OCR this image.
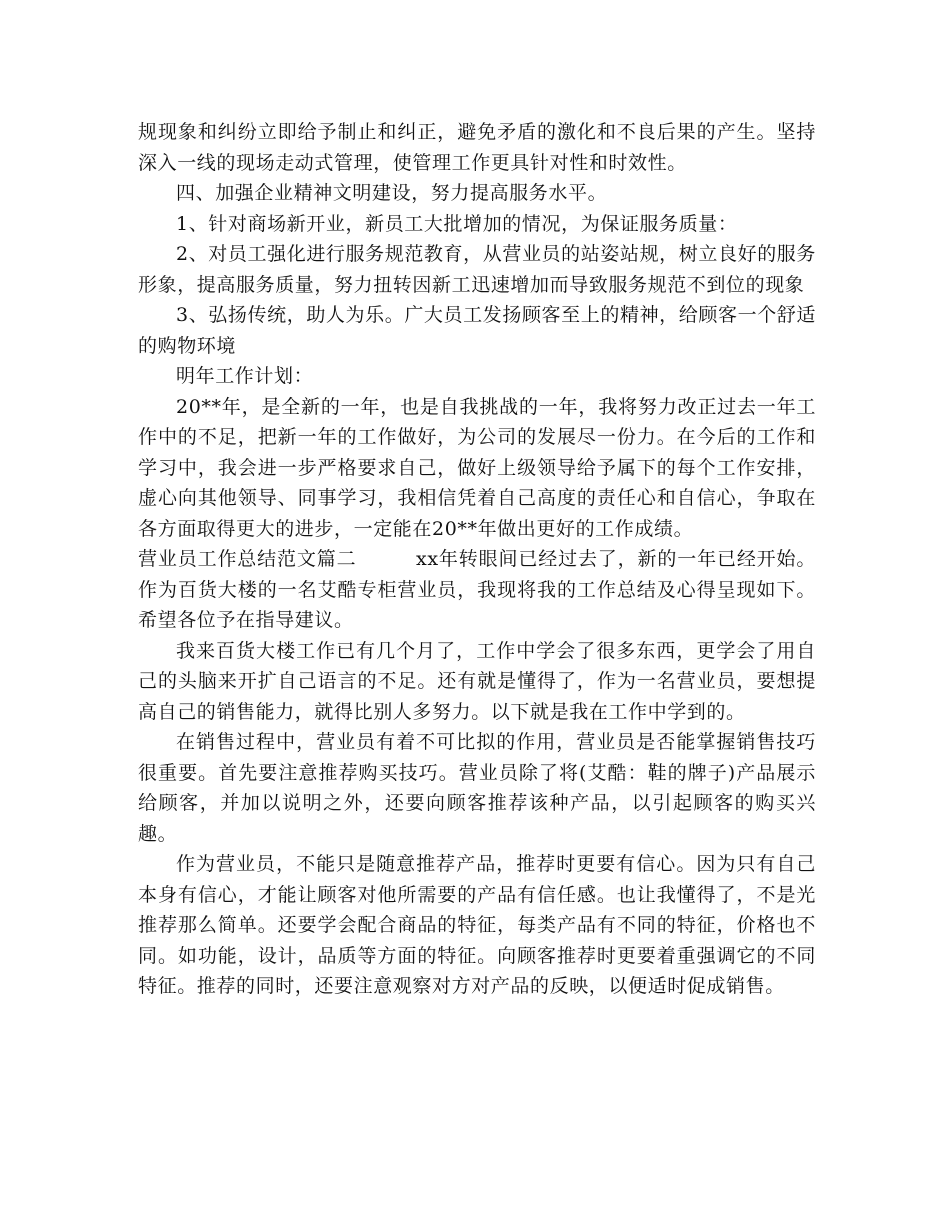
规现象和纠纷立即给予制止和纠正，避免矛盾的激化和不良后果的产生。坚持深入一线的现场走动式管理，使管理工作更具针对性和时效性。

四、加强企业精神文明建设，努力提高服务水平。

1、针对商场新开业，新员工大批增加的情况，为保证服务质量：

2、对员工强化进行服务规范教育，从营业员的站姿站规，树立良好的服务形象，提高服务质量，努力扭转因新工迅速增加而导致服务规范不到位的现象

3、弘扬传统，助人为乐。广大员工发扬顾客至上的精神，给顾客一个舒适的购物环境

明年工作计划：

20**年，是全新的一年，也是自我挑战的一年，我将努力改正过去一年工作中的不足，把新一年的工作做好，为公司的发展尽一份力。在今后的工作和学习中，我会进一步严格要求自己，做好上级领导给予属下的每个工作安排，虚心向其他领导、同事学习，我相信凭着自己高度的责任心和自信心，争取在各方面取得更大的进步，一定能在20**年做出更好的工作成绩。

营业员工作总结范文篇二　　　xx年转眼间已经过去了，新的一年已经开始。作为百货大楼的一名艾酷专柜营业员，我现将我的工作总结及心得呈现如下。希望各位予在指导建议。

我来百货大楼工作已有几个月了，工作中学会了很多东西，更学会了用自己的头脑来开扩自己语言的不足。还有就是懂得了，作为一名营业员，要想提高自己的销售能力，就得比别人多努力。以下就是我在工作中学到的。

在销售过程中，营业员有着不可比拟的作用，营业员是否能掌握销售技巧很重要。首先要注意推荐购买技巧。营业员除了将(艾酷：鞋的牌子)产品展示给顾客，并加以说明之外，还要向顾客推荐该种产品，以引起顾客的购买兴趣。

作为营业员，不能只是随意推荐产品，推荐时更要有信心。因为只有自己本身有信心，才能让顾客对他所需要的产品有信任感。也让我懂得了，不是光推荐那么简单。还要学会配合商品的特征，每类产品有不同的特征，价格也不同。如功能，设计，品质等方面的特征。向顾客推荐时更要着重强调它的不同特征。推荐的同时，还要注意观察对方对产品的反映，以便适时促成销售。
